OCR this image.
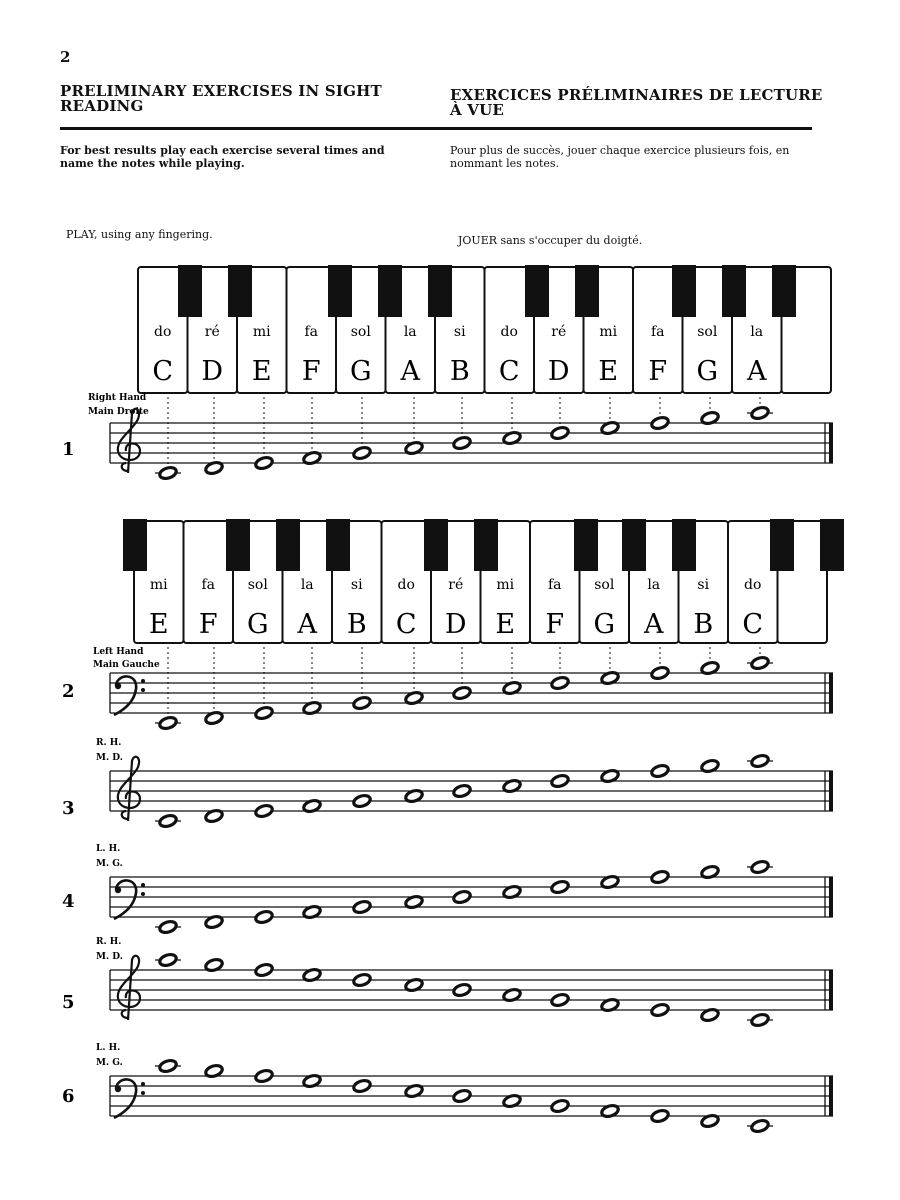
2
PRELIMINARY EXERCISES IN SIGHT READING
EXERCICES PRÉLIMINAIRES DE LECTURE À VUE
For best results play each exercise several times and name the notes while playing.
Pour plus de succès, jouer chaque exercice plusieurs fois, en nommant les notes.
PLAY, using any fingering.	JOUER sans s'occuper du doigté.
do
C
ré
D
mi
E
fa
F
sol
G
la
A
si
B
do
C
ré
D
mi
E
fa
F
sol
G
la
A
Right Hand
Main Droite
mi
E
fa
F
sol
G
la
A
si
B
do
C
ré
D
mi
E
fa
F
sol
G
la
A
si
B
do
C
Left Hand
Main Gauche
1
2
3
R. H.
M. D.
4
L. H.
M. G.
5
R. H.
M. D.
6
L. H.
M. G.
